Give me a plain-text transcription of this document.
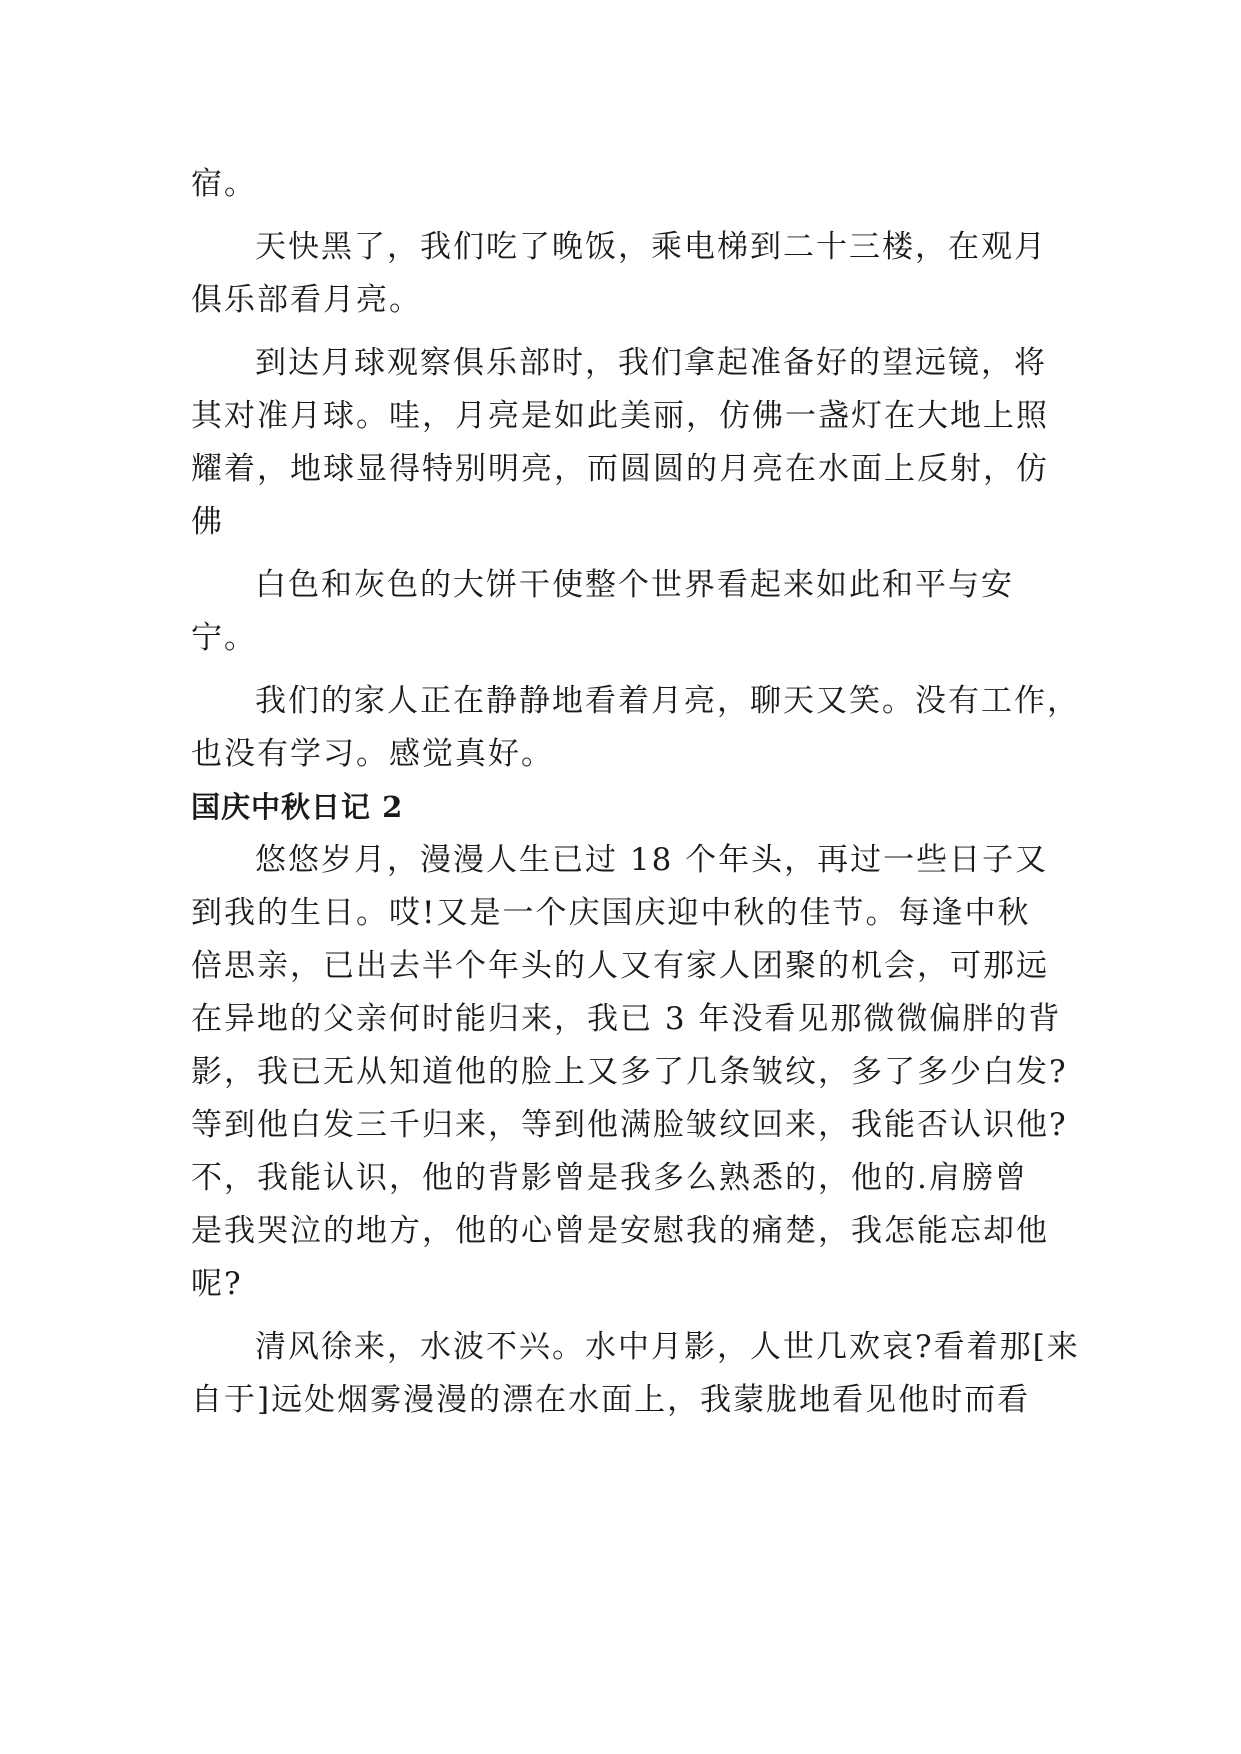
宿。

天快黑了，我们吃了晚饭，乘电梯到二十三楼，在观月
俱乐部看月亮。

到达月球观察俱乐部时，我们拿起准备好的望远镜，将
其对准月球。哇，月亮是如此美丽，仿佛一盏灯在大地上照
耀着，地球显得特别明亮，而圆圆的月亮在水面上反射，仿
佛

白色和灰色的大饼干使整个世界看起来如此和平与安
宁。

我们的家人正在静静地看着月亮，聊天又笑。没有工作，
也没有学习。感觉真好。

国庆中秋日记 2

悠悠岁月，漫漫人生已过 18 个年头，再过一些日子又
到我的生日。哎!又是一个庆国庆迎中秋的佳节。每逢中秋
倍思亲，已出去半个年头的人又有家人团聚的机会，可那远
在异地的父亲何时能归来，我已 3 年没看见那微微偏胖的背
影，我已无从知道他的脸上又多了几条皱纹，多了多少白发?
等到他白发三千归来，等到他满脸皱纹回来，我能否认识他?
不，我能认识，他的背影曾是我多么熟悉的，他的.肩膀曾
是我哭泣的地方，他的心曾是安慰我的痛楚，我怎能忘却他
呢?

清风徐来，水波不兴。水中月影，人世几欢哀?看着那[来
自于]远处烟雾漫漫的漂在水面上，我蒙胧地看见他时而看
